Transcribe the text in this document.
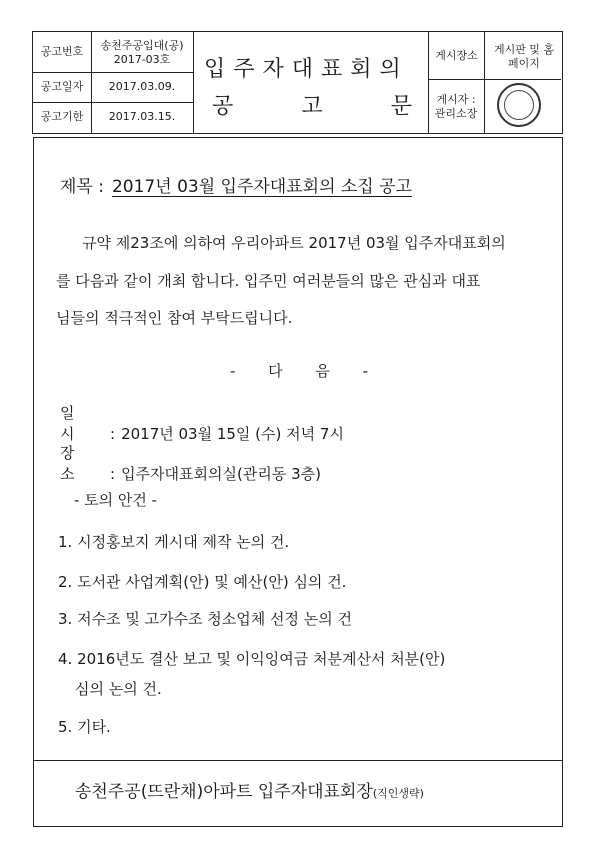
공고번호	송천주공입대(공) 2017-03호
공고일자	2017.03.09.
공고기한	2017.03.15.
입주자대표회의
공	고	문
게시장소	게시판 및 홈페이지
게시자 : 관리소장
제목 : 2017년 03월 입주자대표회의 소집 공고
규약 제23조에 의하여 우리아파트 2017년 03월 입주자대표회의
를 다음과 같이 개최 합니다. 입주민 여러분들의 많은 관심과 대표
님들의 적극적인 참여 부탁드립니다.
- 다 음 -
일 시 : 2017년 03월 15일 (수) 저녁 7시
장 소 : 입주자대표회의실(관리동 3층)
- 토의 안건 -
1. 시정홍보지 게시대 제작 논의 건.
2. 도서관 사업계획(안) 및 예산(안) 심의 건.
3. 저수조 및 고가수조 청소업체 선정 논의 건
4. 2016년도 결산 보고 및 이익잉여금 처분계산서 처분(안)
심의 논의 건.
5. 기타.
송천주공(뜨란채)아파트 입주자대표회장(직인생략)
